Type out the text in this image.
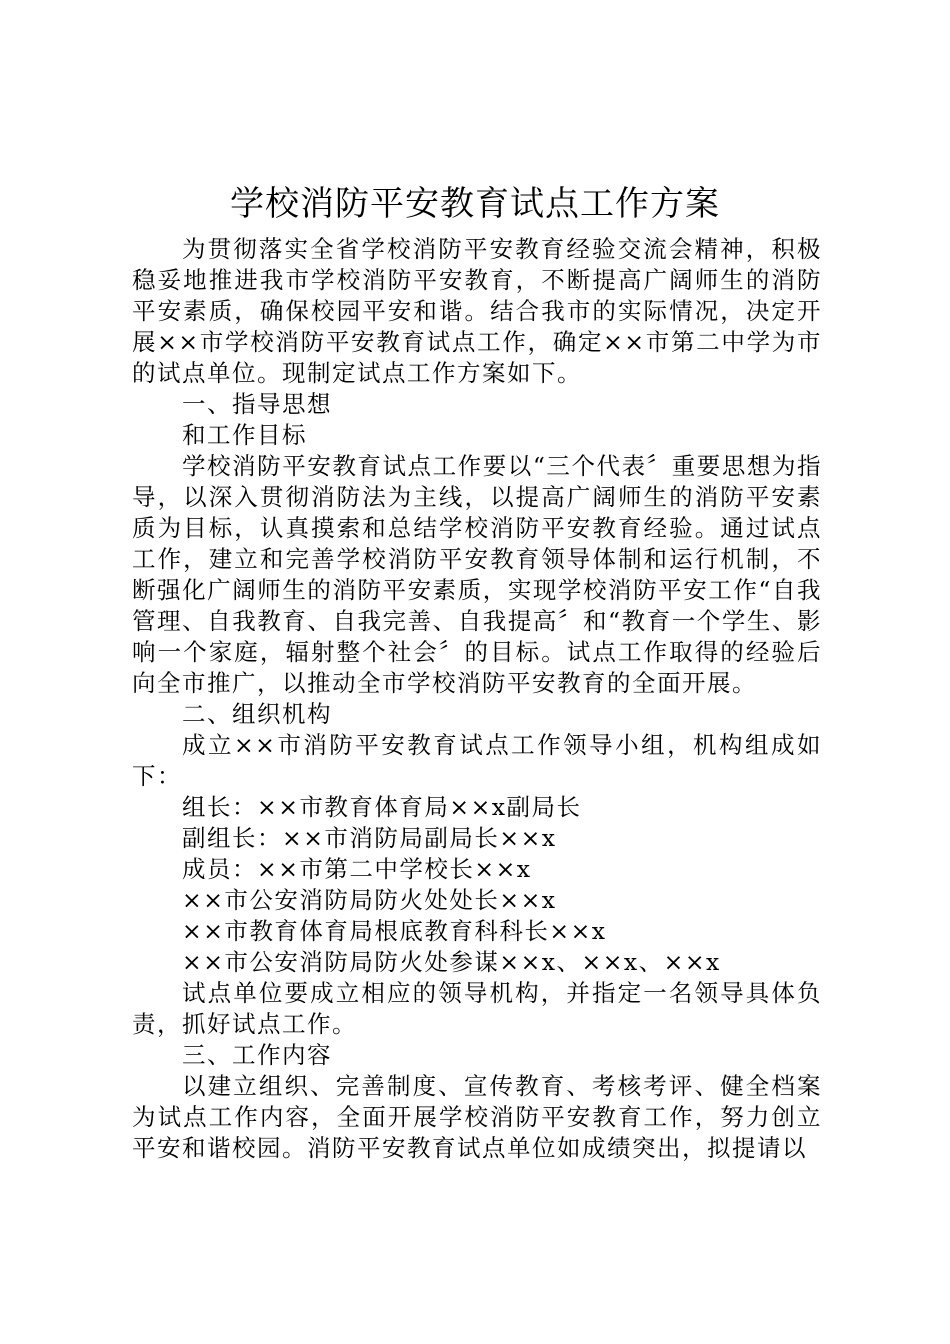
学校消防平安教育试点工作方案

为贯彻落实全省学校消防平安教育经验交流会精神，积极稳妥地推进我市学校消防平安教育，不断提高广阔师生的消防平安素质，确保校园平安和谐。结合我市的实际情况，决定开展××市学校消防平安教育试点工作，确定××市第二中学为市的试点单位。现制定试点工作方案如下。

一、指导思想

和工作目标

学校消防平安教育试点工作要以“三个代表〞重要思想为指导，以深入贯彻消防法为主线，以提高广阔师生的消防平安素质为目标，认真摸索和总结学校消防平安教育经验。通过试点工作，建立和完善学校消防平安教育领导体制和运行机制，不断强化广阔师生的消防平安素质，实现学校消防平安工作“自我管理、自我教育、自我完善、自我提高〞和“教育一个学生、影响一个家庭，辐射整个社会〞的目标。试点工作取得的经验后向全市推广，以推动全市学校消防平安教育的全面开展。

二、组织机构

成立××市消防平安教育试点工作领导小组，机构组成如下：

组长：××市教育体育局××x副局长

副组长：××市消防局副局长××x

成员：××市第二中学校长××x

××市公安消防局防火处处长××x

××市教育体育局根底教育科科长××x

××市公安消防局防火处参谋××x、××x、××x

试点单位要成立相应的领导机构，并指定一名领导具体负责，抓好试点工作。

三、工作内容

以建立组织、完善制度、宣传教育、考核考评、健全档案为试点工作内容，全面开展学校消防平安教育工作，努力创立平安和谐校园。消防平安教育试点单位如成绩突出，拟提请以
